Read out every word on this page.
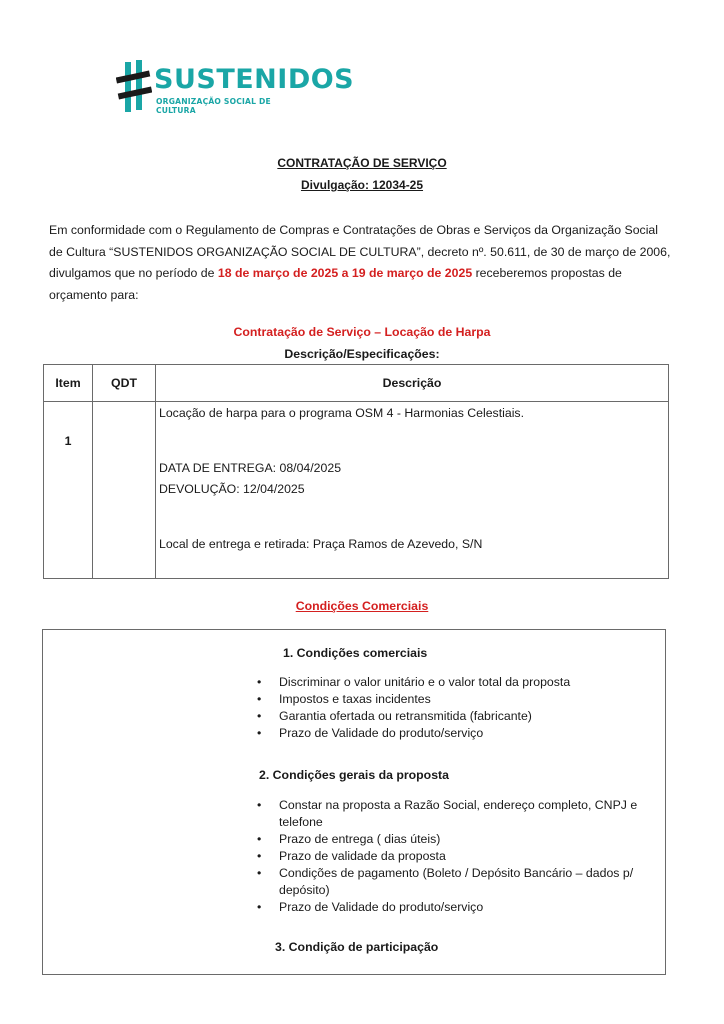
SUSTENIDOS
ORGANIZAÇÃO SOCIAL DE CULTURA
CONTRATAÇÃO DE SERVIÇO
Divulgação: 12034-25
Em conformidade com o Regulamento de Compras e Contratações de Obras e Serviços da Organização Social de Cultura “SUSTENIDOS ORGANIZAÇÃO SOCIAL DE CULTURA”, decreto nº. 50.611, de 30 de março de 2006, divulgamos que no período de 18 de março de 2025 a 19 de março de 2025 receberemos propostas de orçamento para:
Contratação de Serviço – Locação de Harpa
Descrição/Especificações:
Item	QDT	Descrição
1		Locação de harpa para o programa OSM 4 - Harmonias Celestiais.
DATA DE ENTREGA: 08/04/2025
DEVOLUÇÃO: 12/04/2025
Local de entrega e retirada: Praça Ramos de Azevedo, S/N
Condições Comerciais
1. Condições comerciais
• Discriminar o valor unitário e o valor total da proposta
• Impostos e taxas incidentes
• Garantia ofertada ou retransmitida (fabricante)
• Prazo de Validade do produto/serviço
2. Condições gerais da proposta
• Constar na proposta a Razão Social, endereço completo, CNPJ e telefone
• Prazo de entrega ( dias úteis)
• Prazo de validade da proposta
• Condições de pagamento (Boleto / Depósito Bancário – dados p/ depósito)
• Prazo de Validade do produto/serviço
3. Condição de participação
